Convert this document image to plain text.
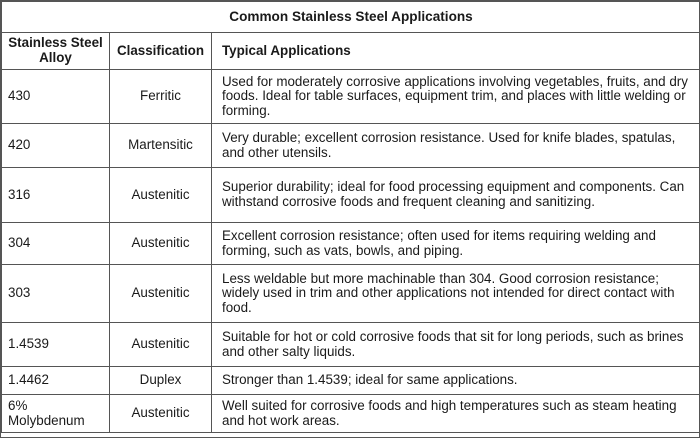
Common Stainless Steel Applications		
Stainless Steel Alloy	Classification	Typical Applications
430	Ferritic	Used for moderately corrosive applications involving vegetables, fruits, and dry foods. Ideal for table surfaces, equipment trim, and places with little welding or forming.
420	Martensitic	Very durable; excellent corrosion resistance. Used for knife blades, spatulas, and other utensils.
316	Austenitic	Superior durability; ideal for food processing equipment and components. Can withstand corrosive foods and frequent cleaning and sanitizing.
304	Austenitic	Excellent corrosion resistance; often used for items requiring welding and forming, such as vats, bowls, and piping.
303	Austenitic	Less weldable but more machinable than 304. Good corrosion resistance; widely used in trim and other applications not intended for direct contact with food.
1.4539	Austenitic	Suitable for hot or cold corrosive foods that sit for long periods, such as brines and other salty liquids.
1.4462	Duplex	Stronger than 1.4539; ideal for same applications.
6% Molybdenum	Austenitic	Well suited for corrosive foods and high temperatures such as steam heating and hot work areas.
